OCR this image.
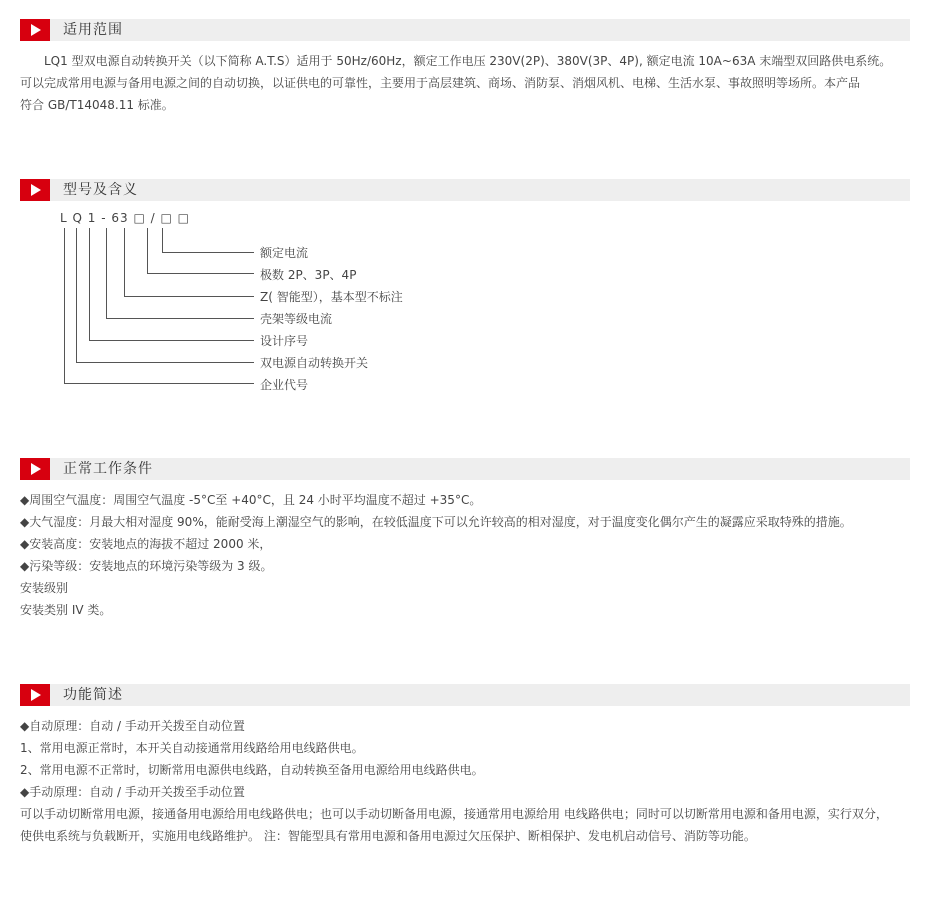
适用范围

LQ1 型双电源自动转换开关（以下简称 A.T.S）适用于 50Hz/60Hz，额定工作电压 230V(2P)、380V(3P、4P), 额定电流 10A~63A 末端型双回路供电系统。

可以完成常用电源与备用电源之间的自动切换，以证供电的可靠性，主要用于高层建筑、商场、消防泵、消烟风机、电梯、生活水泵、事故照明等场所。本产品

符合 GB/T14048.11 标准。

型号及含义
L Q 1 - 63 □ / □ □
额定电流
极数 2P、3P、4P
Z( 智能型），基本型不标注
壳架等级电流
设计序号
双电源自动转换开关
企业代号
正常工作条件
◆周围空气温度：周围空气温度 -5°C至 +40°C，且 24 小时平均温度不超过 +35°C。
◆大气湿度：月最大相对湿度 90%，能耐受海上潮湿空气的影响，在较低温度下可以允许较高的相对湿度，对于温度变化偶尔产生的凝露应采取特殊的措施。
◆安装高度：安装地点的海拔不超过 2000 米，
◆污染等级：安装地点的环境污染等级为 3 级。
安装级别
安装类别 IV 类。
功能简述
◆自动原理：自动 / 手动开关拨至自动位置
1、常用电源正常时，本开关自动接通常用线路给用电线路供电。
2、常用电源不正常时，切断常用电源供电线路，自动转换至备用电源给用电线路供电。
◆手动原理：自动 / 手动开关拨至手动位置
可以手动切断常用电源，接通备用电源给用电线路供电；也可以手动切断备用电源，接通常用电源给用 电线路供电；同时可以切断常用电源和备用电源，实行双分，
使供电系统与负载断开，实施用电线路维护。 注：智能型具有常用电源和备用电源过欠压保护、断相保护、发电机启动信号、消防等功能。
